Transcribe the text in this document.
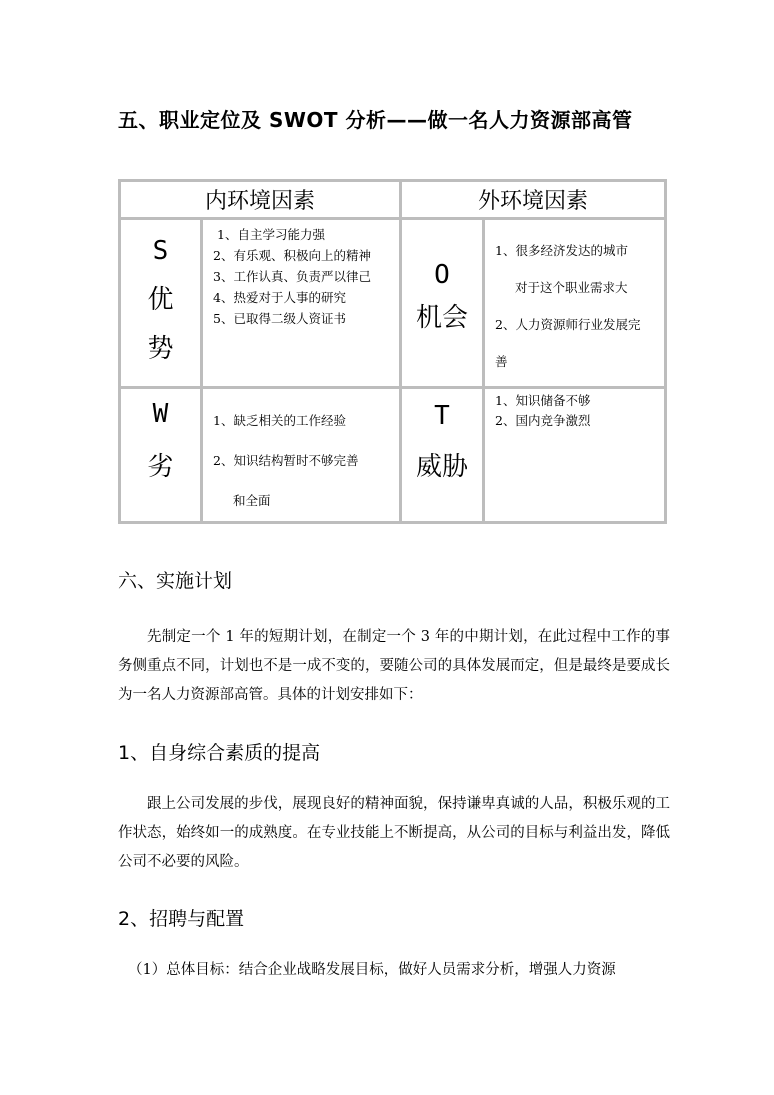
五、职业定位及 SWOT 分析——做一名人力资源部高管
内环境因素	外环境因素
S
优
势
1、自主学习能力强
2、有乐观、积极向上的精神
3、工作认真、负责严以律己
4、热爱对于人事的研究
5、已取得二级人资证书
O
机会
1、很多经济发达的城市
对于这个职业需求大
2、人力资源师行业发展完
善
W
劣
1、缺乏相关的工作经验
2、知识结构暂时不够完善
和全面
T
威胁
1、知识储备不够
2、国内竞争激烈
六、实施计划

先制定一个 1 年的短期计划，在制定一个 3 年的中期计划，在此过程中工作的事务侧重点不同，计划也不是一成不变的，要随公司的具体发展而定，但是最终是要成长为一名人力资源部高管。具体的计划安排如下：

1、自身综合素质的提高

跟上公司发展的步伐，展现良好的精神面貌，保持谦卑真诚的人品，积极乐观的工作状态，始终如一的成熟度。在专业技能上不断提高，从公司的目标与利益出发，降低公司不必要的风险。

2、招聘与配置

（1）总体目标：结合企业战略发展目标，做好人员需求分析，增强人力资源
